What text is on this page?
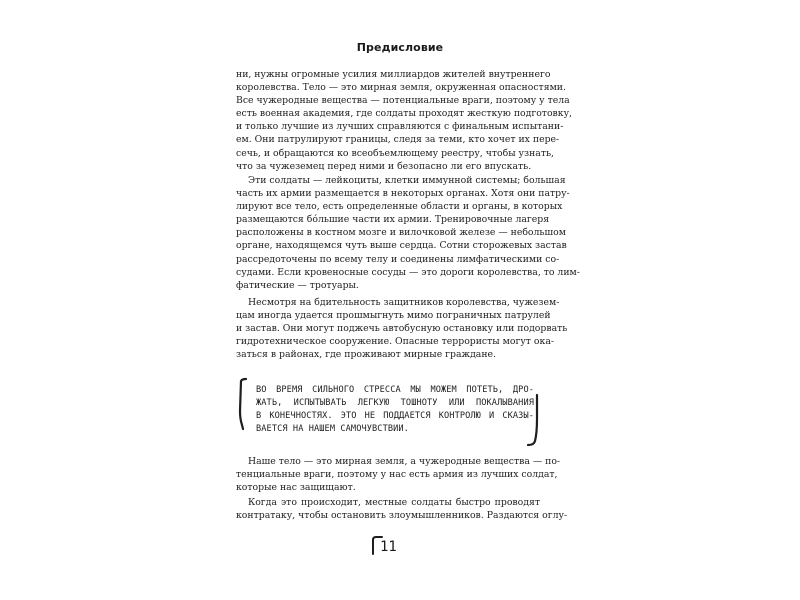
Предисловие
ни, нужны огромные усилия миллиардов жителей внутреннего
королевства. Тело — это мирная земля, окруженная опасностями.
Все чужеродные вещества — потенциальные враги, поэтому у тела
есть военная академия, где солдаты проходят жесткую подготовку,
и только лучшие из лучших справляются с финальным испытани-
ем. Они патрулируют границы, следя за теми, кто хочет их пере-
сечь, и обращаются ко всеобъемлющему реестру, чтобы узнать,
что за чужеземец перед ними и безопасно ли его впускать.
Эти солдаты — лейкоциты, клетки иммунной системы; большая
часть их армии размещается в некоторых органах. Хотя они патру-
лируют все тело, есть определенные области и органы, в которых
размещаются бóльшие части их армии. Тренировочные лагеря
расположены в костном мозге и вилочковой железе — небольшом
органе, находящемся чуть выше сердца. Сотни сторожевых застав
рассредоточены по всему телу и соединены лимфатическими со-
судами. Если кровеносные сосуды — это дороги королевства, то лим-
фатические — тротуары.
Несмотря на бдительность защитников королевства, чужезем-
цам иногда удается прошмыгнуть мимо пограничных патрулей
и застав. Они могут поджечь автобусную остановку или подорвать
гидротехническое сооружение. Опасные террористы могут ока-
заться в районах, где проживают мирные граждане.
ВО ВРЕМЯ СИЛЬНОГО СТРЕССА МЫ МОЖЕМ ПОТЕТЬ, ДРО-
ЖАТЬ, ИСПЫТЫВАТЬ ЛЕГКУЮ ТОШНОТУ ИЛИ ПОКАЛЫВАНИЯ
В КОНЕЧНОСТЯХ. ЭТО НЕ ПОДДАЕТСЯ КОНТРОЛЮ И СКАЗЫ-
ВАЕТСЯ НА НАШЕМ САМОЧУВСТВИИ.
Наше тело — это мирная земля, а чужеродные вещества — по-
тенциальные враги, поэтому у нас есть армия из лучших солдат,
которые нас защищают.
Когда это происходит, местные солдаты быстро проводят
контратаку, чтобы остановить злоумышленников. Раздаются оглу-
11
